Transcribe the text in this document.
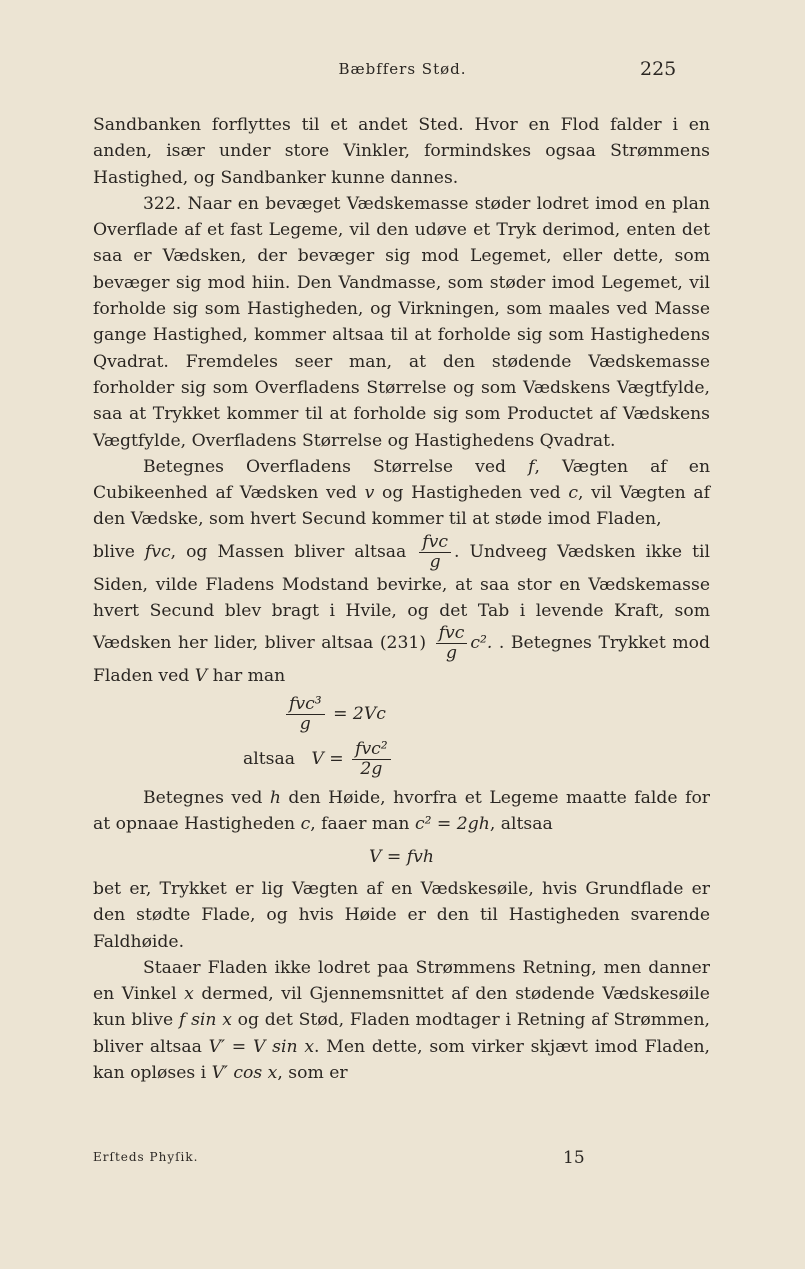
Bæbffers Stød.	225

Sandbanken forflyttes til et andet Sted. Hvor en Flod falder i en anden, især under store Vinkler, formindskes ogsaa Strømmens Hastighed, og Sandbanker kunne dannes.

322. Naar en bevæget Vædskemasse støder lodret imod en plan Overflade af et fast Legeme, vil den udøve et Tryk derimod, enten det saa er Vædsken, der bevæger sig mod Legemet, eller dette, som bevæger sig mod hiin. Den Vandmasse, som støder imod Legemet, vil forholde sig som Hastigheden, og Virkningen, som maales ved Masse gange Hastighed, kommer altsaa til at forholde sig som Hastighedens Qvadrat. Fremdeles seer man, at den stødende Vædskemasse forholder sig som Overfladens Størrelse og som Vædskens Vægtfylde, saa at Trykket kommer til at forholde sig som Productet af Vædskens Vægtfylde, Overfladens Størrelse og Hastighedens Qvadrat.

Betegnes Overfladens Størrelse ved f, Vægten af en Cubikeenhed af Vædsken ved v og Hastigheden ved c, vil Vægten af den Vædske, som hvert Secund kommer til at støde imod Fladen,

blive fvc, og Massen bliver altsaa $\frac{\text{fvc}}{g}$ . Undveeg Vædsken ikke til Siden, vilde Fladens Modstand bevirke, at saa stor en Vædskemasse hvert Secund blev bragt i Hvile, og det Tab i levende Kraft, som Vædsken her lider, bliver altsaa $(231) \frac{\text{fvc}}{g} c^2$. . Betegnes Trykket mod Fladen ved V har man

$\frac{\text{fvc³}}{g} = 2Vc$
altsaa $V = \frac{\text{fvc²}}{2g}$

Betegnes ved h den Høide, hvorfra et Legeme maatte falde for at opnaae Hastigheden c, faaer man c² = 2gh, altsaa

V = fvh

bet er, Trykket er lig Vægten af en Vædskesøile, hvis Grundflade er den stødte Flade, og hvis Høide er den til Hastigheden svarende Faldhøide.

Staaer Fladen ikke lodret paa Strømmens Retning, men danner en Vinkel x dermed, vil Gjennemsnittet af den stødende Vædskesøile kun blive f sin x og det Stød, Fladen modtager i Retning af Strømmen, bliver altsaa V′ = V sin x. Men dette, som virker skjævt imod Fladen, kan opløses i V′ cos x, som er

Erſteds Phyſik.	15
